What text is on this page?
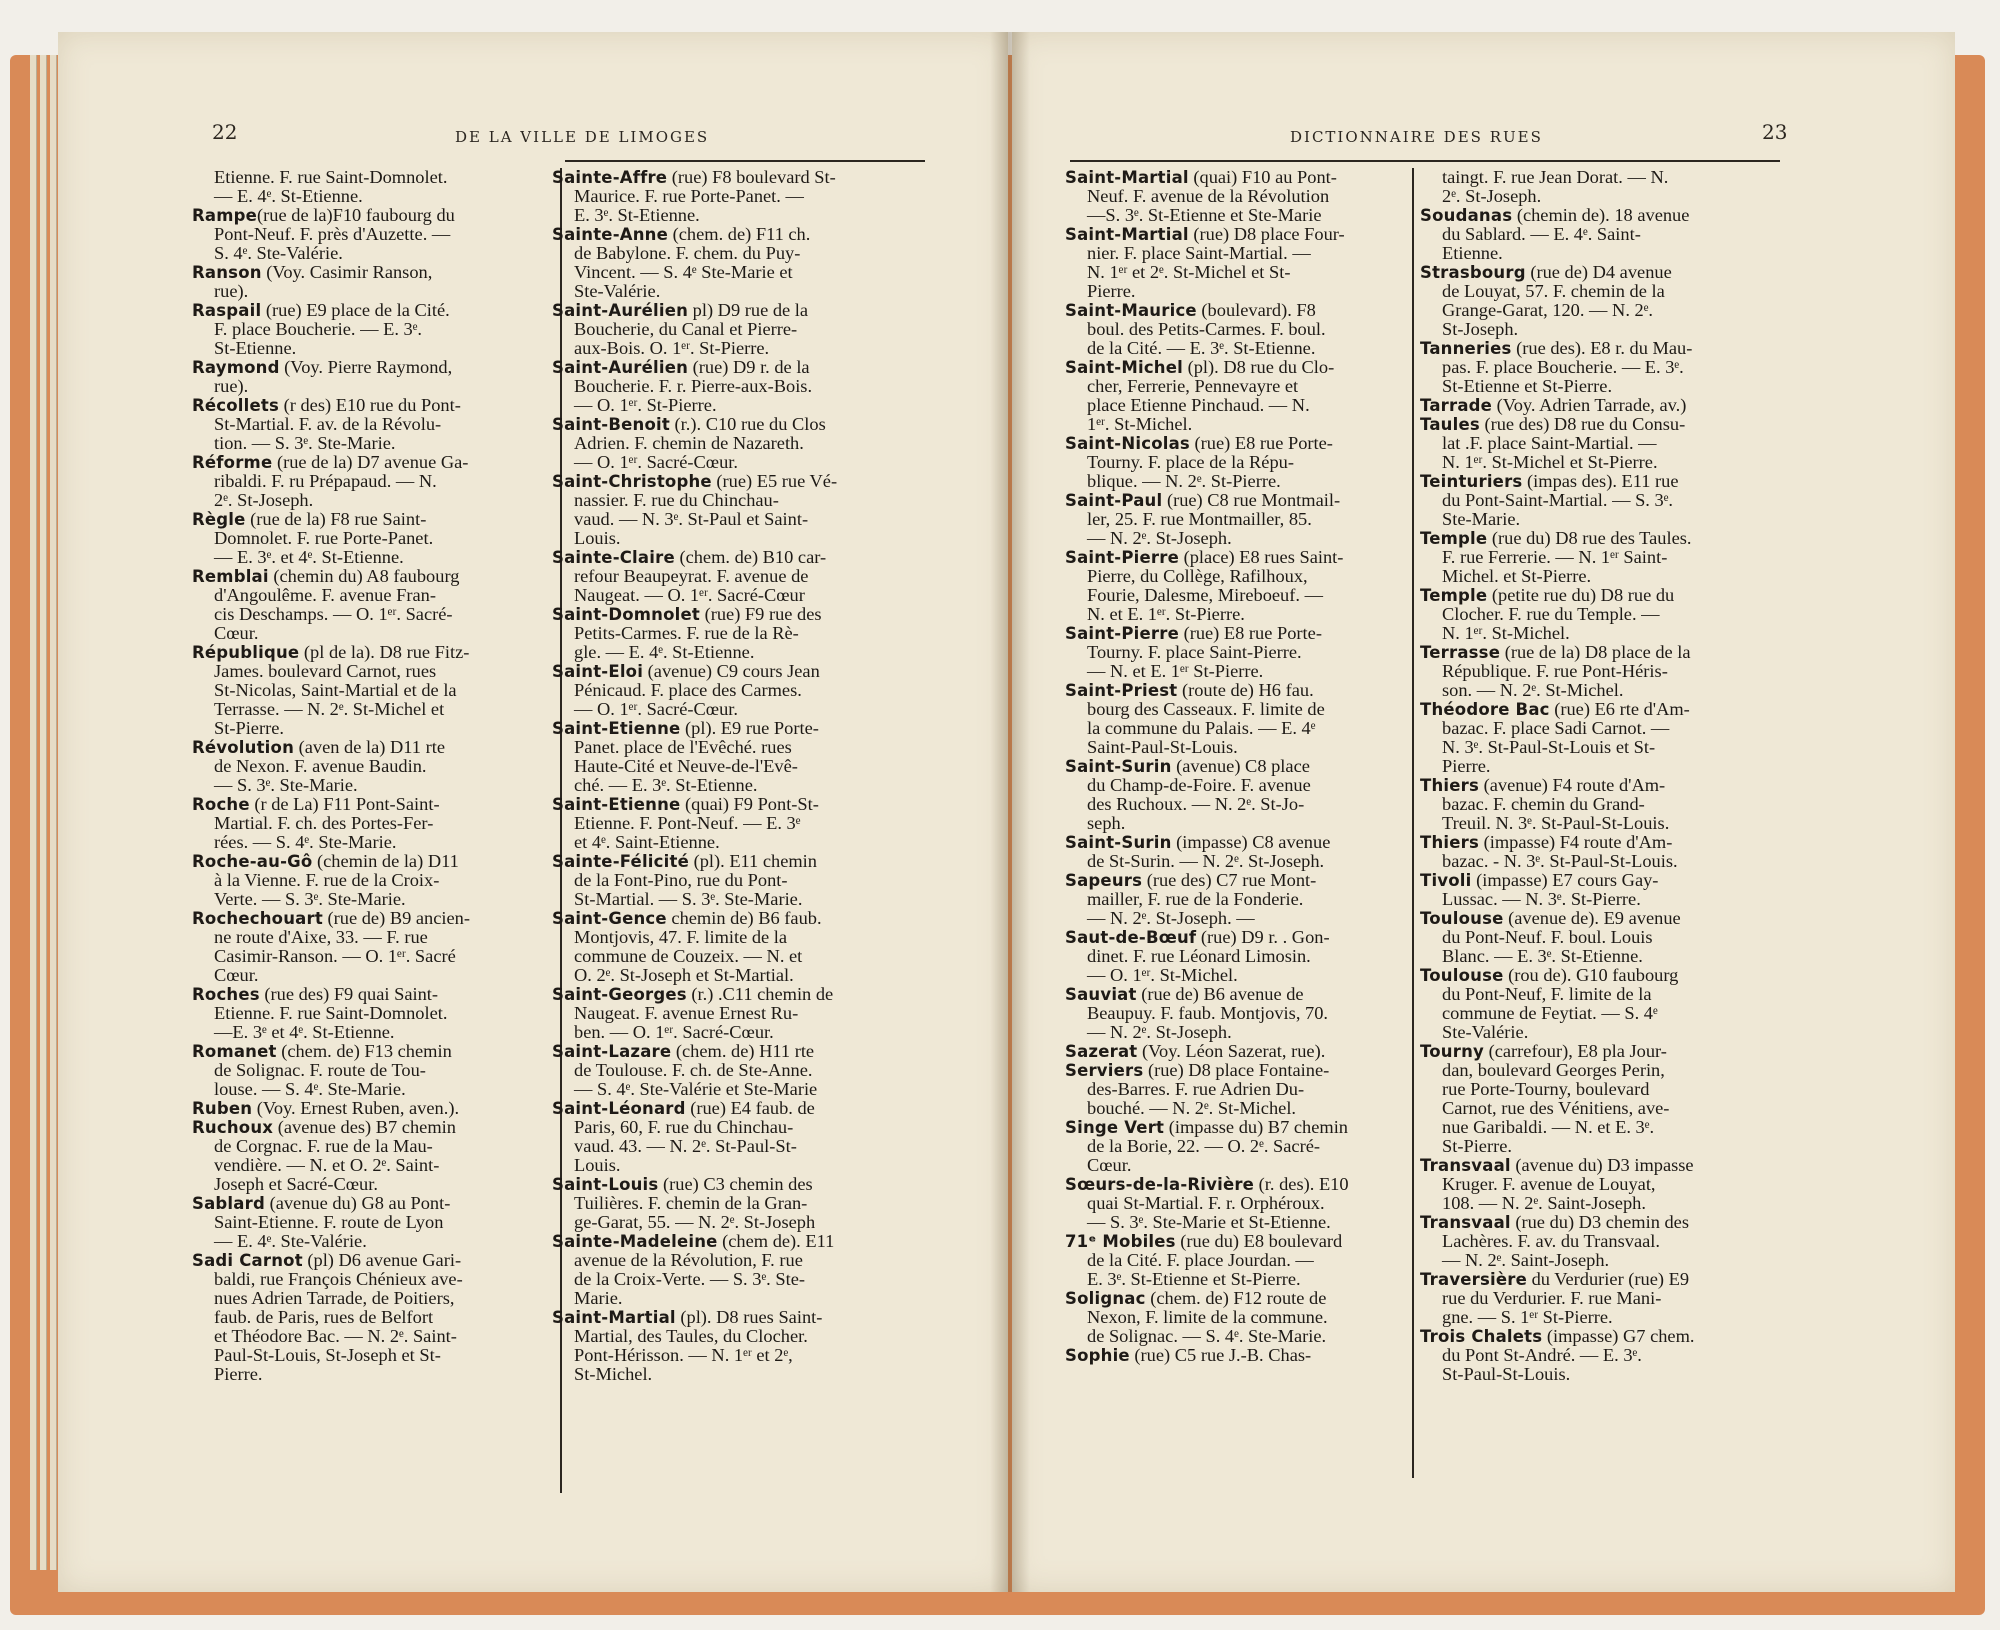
22	DE LA VILLE DE LIMOGES	DICTIONNAIRE DES RUES	23

Etienne. F. rue Saint-Domnolet.
— E. 4ᵉ. St-Etienne.

Rampe(rue de la)F10 faubourg du
Pont-Neuf. F. près d'Auzette. —
S. 4ᵉ. Ste-Valérie.

Ranson (Voy. Casimir Ranson,
rue).

Raspail (rue) E9 place de la Cité.
F. place Boucherie. — E. 3ᵉ.
St-Etienne.

Raymond (Voy. Pierre Raymond,
rue).

Récollets (r des) E10 rue du Pont-
St-Martial. F. av. de la Révolu-
tion. — S. 3ᵉ. Ste-Marie.

Réforme (rue de la) D7 avenue Ga-
ribaldi. F. ru Prépapaud. — N.
2ᵉ. St-Joseph.

Règle (rue de la) F8 rue Saint-
Domnolet. F. rue Porte-Panet.
— E. 3ᵉ. et 4ᵉ. St-Etienne.

Remblai (chemin du) A8 faubourg
d'Angoulême. F. avenue Fran-
cis Deschamps. — O. 1ᵉʳ. Sacré-
Cœur.

République (pl de la). D8 rue Fitz-
James. boulevard Carnot, rues
St-Nicolas, Saint-Martial et de la
Terrasse. — N. 2ᵉ. St-Michel et
St-Pierre.

Révolution (aven de la) D11 rte
de Nexon. F. avenue Baudin.
— S. 3ᵉ. Ste-Marie.

Roche (r de La) F11 Pont-Saint-
Martial. F. ch. des Portes-Fer-
rées. — S. 4ᵉ. Ste-Marie.

Roche-au-Gô (chemin de la) D11
à la Vienne. F. rue de la Croix-
Verte. — S. 3ᵉ. Ste-Marie.

Rochechouart (rue de) B9 ancien-
ne route d'Aixe, 33. — F. rue
Casimir-Ranson. — O. 1ᵉʳ. Sacré
Cœur.

Roches (rue des) F9 quai Saint-
Etienne. F. rue Saint-Domnolet.
—E. 3ᵉ et 4ᵉ. St-Etienne.

Romanet (chem. de) F13 chemin
de Solignac. F. route de Tou-
louse. — S. 4ᵉ. Ste-Marie.

Ruben (Voy. Ernest Ruben, aven.).

Ruchoux (avenue des) B7 chemin
de Corgnac. F. rue de la Mau-
vendière. — N. et O. 2ᵉ. Saint-
Joseph et Sacré-Cœur.

Sablard (avenue du) G8 au Pont-
Saint-Etienne. F. route de Lyon
— E. 4ᵉ. Ste-Valérie.

Sadi Carnot (pl) D6 avenue Gari-
baldi, rue François Chénieux ave-
nues Adrien Tarrade, de Poitiers,
faub. de Paris, rues de Belfort
et Théodore Bac. — N. 2ᵉ. Saint-
Paul-St-Louis, St-Joseph et St-
Pierre.

Sainte-Affre (rue) F8 boulevard St-
Maurice. F. rue Porte-Panet. —
E. 3ᵉ. St-Etienne.

Sainte-Anne (chem. de) F11 ch.
de Babylone. F. chem. du Puy-
Vincent. — S. 4ᵉ Ste-Marie et
Ste-Valérie.

Saint-Aurélien pl) D9 rue de la
Boucherie, du Canal et Pierre-
aux-Bois. O. 1ᵉʳ. St-Pierre.

Saint-Aurélien (rue) D9 r. de la
Boucherie. F. r. Pierre-aux-Bois.
— O. 1ᵉʳ. St-Pierre.

Saint-Benoit (r.). C10 rue du Clos
Adrien. F. chemin de Nazareth.
— O. 1ᵉʳ. Sacré-Cœur.

Saint-Christophe (rue) E5 rue Vé-
nassier. F. rue du Chinchau-
vaud. — N. 3ᵉ. St-Paul et Saint-
Louis.

Sainte-Claire (chem. de) B10 car-
refour Beaupeyrat. F. avenue de
Naugeat. — O. 1ᵉʳ. Sacré-Cœur

Saint-Domnolet (rue) F9 rue des
Petits-Carmes. F. rue de la Rè-
gle. — E. 4ᵉ. St-Etienne.

Saint-Eloi (avenue) C9 cours Jean
Pénicaud. F. place des Carmes.
— O. 1ᵉʳ. Sacré-Cœur.

Saint-Etienne (pl). E9 rue Porte-
Panet. place de l'Evêché. rues
Haute-Cité et Neuve-de-l'Evê-
ché. — E. 3ᵉ. St-Etienne.

Saint-Etienne (quai) F9 Pont-St-
Etienne. F. Pont-Neuf. — E. 3ᵉ
et 4ᵉ. Saint-Etienne.

Sainte-Félicité (pl). E11 chemin
de la Font-Pino, rue du Pont-
St-Martial. — S. 3ᵉ. Ste-Marie.

Saint-Gence chemin de) B6 faub.
Montjovis, 47. F. limite de la
commune de Couzeix. — N. et
O. 2ᵉ. St-Joseph et St-Martial.

Saint-Georges (r.) .C11 chemin de
Naugeat. F. avenue Ernest Ru-
ben. — O. 1ᵉʳ. Sacré-Cœur.

Saint-Lazare (chem. de) H11 rte
de Toulouse. F. ch. de Ste-Anne.
— S. 4ᵉ. Ste-Valérie et Ste-Marie

Saint-Léonard (rue) E4 faub. de
Paris, 60, F. rue du Chinchau-
vaud. 43. — N. 2ᵉ. St-Paul-St-
Louis.

Saint-Louis (rue) C3 chemin des
Tuilières. F. chemin de la Gran-
ge-Garat, 55. — N. 2ᵉ. St-Joseph

Sainte-Madeleine (chem de). E11
avenue de la Révolution, F. rue
de la Croix-Verte. — S. 3ᵉ. Ste-
Marie.

Saint-Martial (pl). D8 rues Saint-
Martial, des Taules, du Clocher.
Pont-Hérisson. — N. 1ᵉʳ et 2ᵉ,
St-Michel.

Saint-Martial (quai) F10 au Pont-
Neuf. F. avenue de la Révolution
—S. 3ᵉ. St-Etienne et Ste-Marie

Saint-Martial (rue) D8 place Four-
nier. F. place Saint-Martial. —
N. 1ᵉʳ et 2ᵉ. St-Michel et St-
Pierre.

Saint-Maurice (boulevard). F8
boul. des Petits-Carmes. F. boul.
de la Cité. — E. 3ᵉ. St-Etienne.

Saint-Michel (pl). D8 rue du Clo-
cher, Ferrerie, Pennevayre et
place Etienne Pinchaud. — N.
1ᵉʳ. St-Michel.

Saint-Nicolas (rue) E8 rue Porte-
Tourny. F. place de la Répu-
blique. — N. 2ᵉ. St-Pierre.

Saint-Paul (rue) C8 rue Montmail-
ler, 25. F. rue Montmailler, 85.
— N. 2ᵉ. St-Joseph.

Saint-Pierre (place) E8 rues Saint-
Pierre, du Collège, Rafilhoux,
Fourie, Dalesme, Mireboeuf. —
N. et E. 1ᵉʳ. St-Pierre.

Saint-Pierre (rue) E8 rue Porte-
Tourny. F. place Saint-Pierre.
— N. et E. 1ᵉʳ St-Pierre.

Saint-Priest (route de) H6 fau.
bourg des Casseaux. F. limite de
la commune du Palais. — E. 4ᵉ
Saint-Paul-St-Louis.

Saint-Surin (avenue) C8 place
du Champ-de-Foire. F. avenue
des Ruchoux. — N. 2ᵉ. St-Jo-
seph.

Saint-Surin (impasse) C8 avenue
de St-Surin. — N. 2ᵉ. St-Joseph.

Sapeurs (rue des) C7 rue Mont-
mailler, F. rue de la Fonderie.
— N. 2ᵉ. St-Joseph. —

Saut-de-Bœuf (rue) D9 r. . Gon-
dinet. F. rue Léonard Limosin.
— O. 1ᵉʳ. St-Michel.

Sauviat (rue de) B6 avenue de
Beaupuy. F. faub. Montjovis, 70.
— N. 2ᵉ. St-Joseph.

Sazerat (Voy. Léon Sazerat, rue).

Serviers (rue) D8 place Fontaine-
des-Barres. F. rue Adrien Du-
bouché. — N. 2ᵉ. St-Michel.

Singe Vert (impasse du) B7 chemin
de la Borie, 22. — O. 2ᵉ. Sacré-
Cœur.

Sœurs-de-la-Rivière (r. des). E10
quai St-Martial. F. r. Orphéroux.
— S. 3ᵉ. Ste-Marie et St-Etienne.

71ᵉ Mobiles (rue du) E8 boulevard
de la Cité. F. place Jourdan. —
E. 3ᵉ. St-Etienne et St-Pierre.

Solignac (chem. de) F12 route de
Nexon, F. limite de la commune.
de Solignac. — S. 4ᵉ. Ste-Marie.

Sophie (rue) C5 rue J.-B. Chas-

taingt. F. rue Jean Dorat. — N.
2ᵉ. St-Joseph.

Soudanas (chemin de). 18 avenue
du Sablard. — E. 4ᵉ. Saint-
Etienne.

Strasbourg (rue de) D4 avenue
de Louyat, 57. F. chemin de la
Grange-Garat, 120. — N. 2ᵉ.
St-Joseph.

Tanneries (rue des). E8 r. du Mau-
pas. F. place Boucherie. — E. 3ᵉ.
St-Etienne et St-Pierre.

Tarrade (Voy. Adrien Tarrade, av.)

Taules (rue des) D8 rue du Consu-
lat .F. place Saint-Martial. —
N. 1ᵉʳ. St-Michel et St-Pierre.

Teinturiers (impas des). E11 rue
du Pont-Saint-Martial. — S. 3ᵉ.
Ste-Marie.

Temple (rue du) D8 rue des Taules.
F. rue Ferrerie. — N. 1ᵉʳ Saint-
Michel. et St-Pierre.

Temple (petite rue du) D8 rue du
Clocher. F. rue du Temple. —
N. 1ᵉʳ. St-Michel.

Terrasse (rue de la) D8 place de la
République. F. rue Pont-Héris-
son. — N. 2ᵉ. St-Michel.

Théodore Bac (rue) E6 rte d'Am-
bazac. F. place Sadi Carnot. —
N. 3ᵉ. St-Paul-St-Louis et St-
Pierre.

Thiers (avenue) F4 route d'Am-
bazac. F. chemin du Grand-
Treuil. N. 3ᵉ. St-Paul-St-Louis.

Thiers (impasse) F4 route d'Am-
bazac. - N. 3ᵉ. St-Paul-St-Louis.

Tivoli (impasse) E7 cours Gay-
Lussac. — N. 3ᵉ. St-Pierre.

Toulouse (avenue de). E9 avenue
du Pont-Neuf. F. boul. Louis
Blanc. — E. 3ᵉ. St-Etienne.

Toulouse (rou de). G10 faubourg
du Pont-Neuf, F. limite de la
commune de Feytiat. — S. 4ᵉ
Ste-Valérie.

Tourny (carrefour), E8 pla Jour-
dan, boulevard Georges Perin,
rue Porte-Tourny, boulevard
Carnot, rue des Vénitiens, ave-
nue Garibaldi. — N. et E. 3ᵉ.
St-Pierre.

Transvaal (avenue du) D3 impasse
Kruger. F. avenue de Louyat,
108. — N. 2ᵉ. Saint-Joseph.

Transvaal (rue du) D3 chemin des
Lachères. F. av. du Transvaal.
— N. 2ᵉ. Saint-Joseph.

Traversière du Verdurier (rue) E9
rue du Verdurier. F. rue Mani-
gne. — S. 1ᵉʳ St-Pierre.

Trois Chalets (impasse) G7 chem.
du Pont St-André. — E. 3ᵉ.
St-Paul-St-Louis.
